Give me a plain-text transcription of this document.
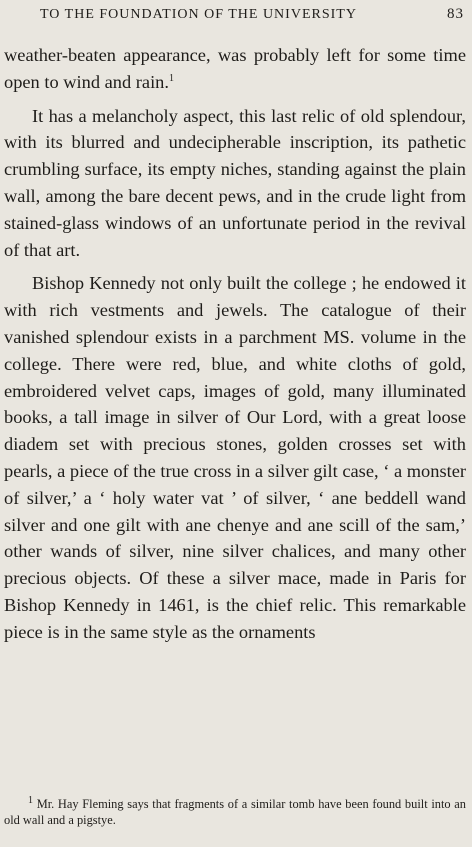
TO THE FOUNDATION OF THE UNIVERSITY	83

weather-beaten appearance, was probably left for some time open to wind and rain.$^1$

It has a melancholy aspect, this last relic of old splendour, with its blurred and undecipherable inscription, its pathetic crumbling surface, its empty niches, standing against the plain wall, among the bare decent pews, and in the crude light from stained-glass windows of an unfortunate period in the revival of that art.

Bishop Kennedy not only built the college ; he endowed it with rich vestments and jewels. The catalogue of their vanished splendour exists in a parchment MS. volume in the college. There were red, blue, and white cloths of gold, embroidered velvet caps, images of gold, many illuminated books, a tall image in silver of Our Lord, with a great loose diadem set with precious stones, golden crosses set with pearls, a piece of the true cross in a silver gilt case, ‘ a monster of silver,’ a ‘ holy water vat ’ of silver, ‘ ane beddell wand silver and one gilt with ane chenye and ane scill of the sam,’ other wands of silver, nine silver chalices, and many other precious objects. Of these a silver mace, made in Paris for Bishop Kennedy in 1461, is the chief relic. This remarkable piece is in the same style as the ornaments

$^1$ Mr. Hay Fleming says that fragments of a similar tomb have been found built into an old wall and a pigstye.
